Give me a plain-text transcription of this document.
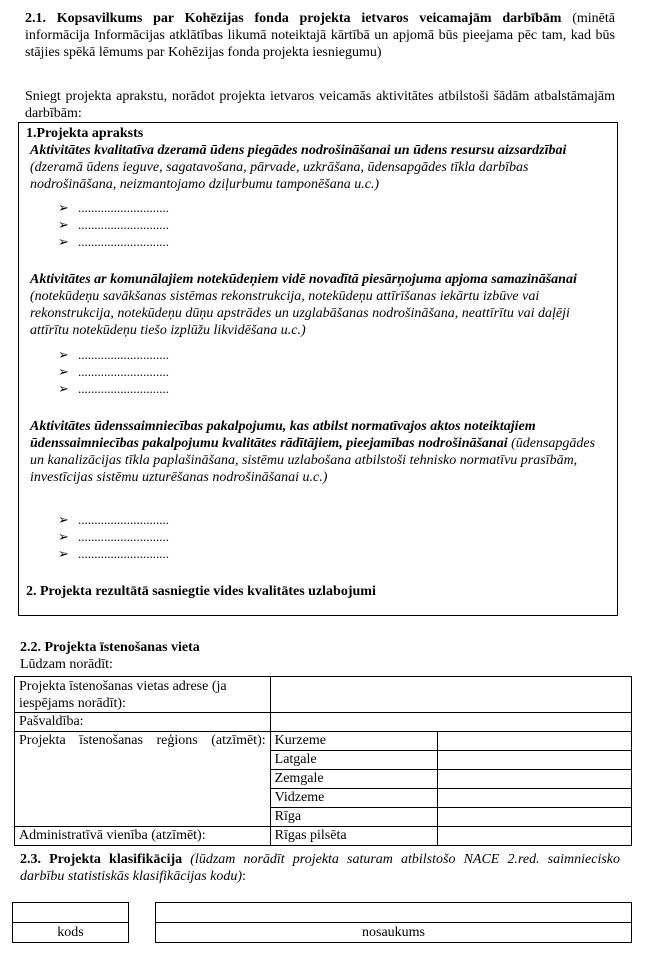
2.1. Kopsavilkums par Kohēzijas fonda projekta ietvaros veicamajām darbībām (minētā informācija Informācijas atklātības likumā noteiktajā kārtībā un apjomā būs pieejama pēc tam, kad būs stājies spēkā lēmums par Kohēzijas fonda projekta iesniegumu)
Sniegt projekta aprakstu, norādot projekta ietvaros veicamās aktivitātes atbilstoši šādām atbalstāmajām darbībām:
1.Projekta apraksts
Aktivitātes kvalitatīva dzeramā ūdens piegādes nodrošināšanai un ūdens resursu aizsardzībai (dzeramā ūdens ieguve, sagatavošana, pārvade, uzkrāšana, ūdensapgādes tīkla darbības nodrošināšana, neizmantojamo dziļurbumu tamponēšana u.c.)
➢ ............................
➢ ............................
➢ ............................
Aktivitātes ar komunālajiem notekūdeņiem vidē novadītā piesārņojuma apjoma samazināšanai (notekūdeņu savākšanas sistēmas rekonstrukcija, notekūdeņu attīrīšanas iekārtu izbūve vai rekonstrukcija, notekūdeņu dūņu apstrādes un uzglabāšanas nodrošināšana, neattīrītu vai daļēji attīrītu notekūdeņu tiešo izplūžu likvidēšana u.c.)
➢ ............................
➢ ............................
➢ ............................
Aktivitātes ūdenssaimniecības pakalpojumu, kas atbilst normatīvajos aktos noteiktajiem ūdenssaimniecības pakalpojumu kvalitātes rādītājiem, pieejamības nodrošināšanai (ūdensapgādes un kanalizācijas tīkla paplašināšana, sistēmu uzlabošana atbilstoši tehnisko normatīvu prasībām, investīcijas sistēmu uzturēšanas nodrošināšanai u.c.)
➢ ............................
➢ ............................
➢ ............................
2. Projekta rezultātā sasniegtie vides kvalitātes uzlabojumi
2.2. Projekta īstenošanas vieta
Lūdzam norādīt:
Projekta īstenošanas vietas adrese (ja iespējams norādīt):		
Pašvaldība:		

Projekta īstenošanas reģions (atzīmēt):	Kurzeme	
	Latgale	
	Zemgale	
	Vidzeme	
	Rīga	
Administratīvā vienība (atzīmēt):	Rīgas pilsēta	
2.3. Projekta klasifikācija (lūdzam norādīt projekta saturam atbilstošo NACE 2.red. saimniecisko darbību statistiskās klasifikācijas kodu):
kods	nosaukums
